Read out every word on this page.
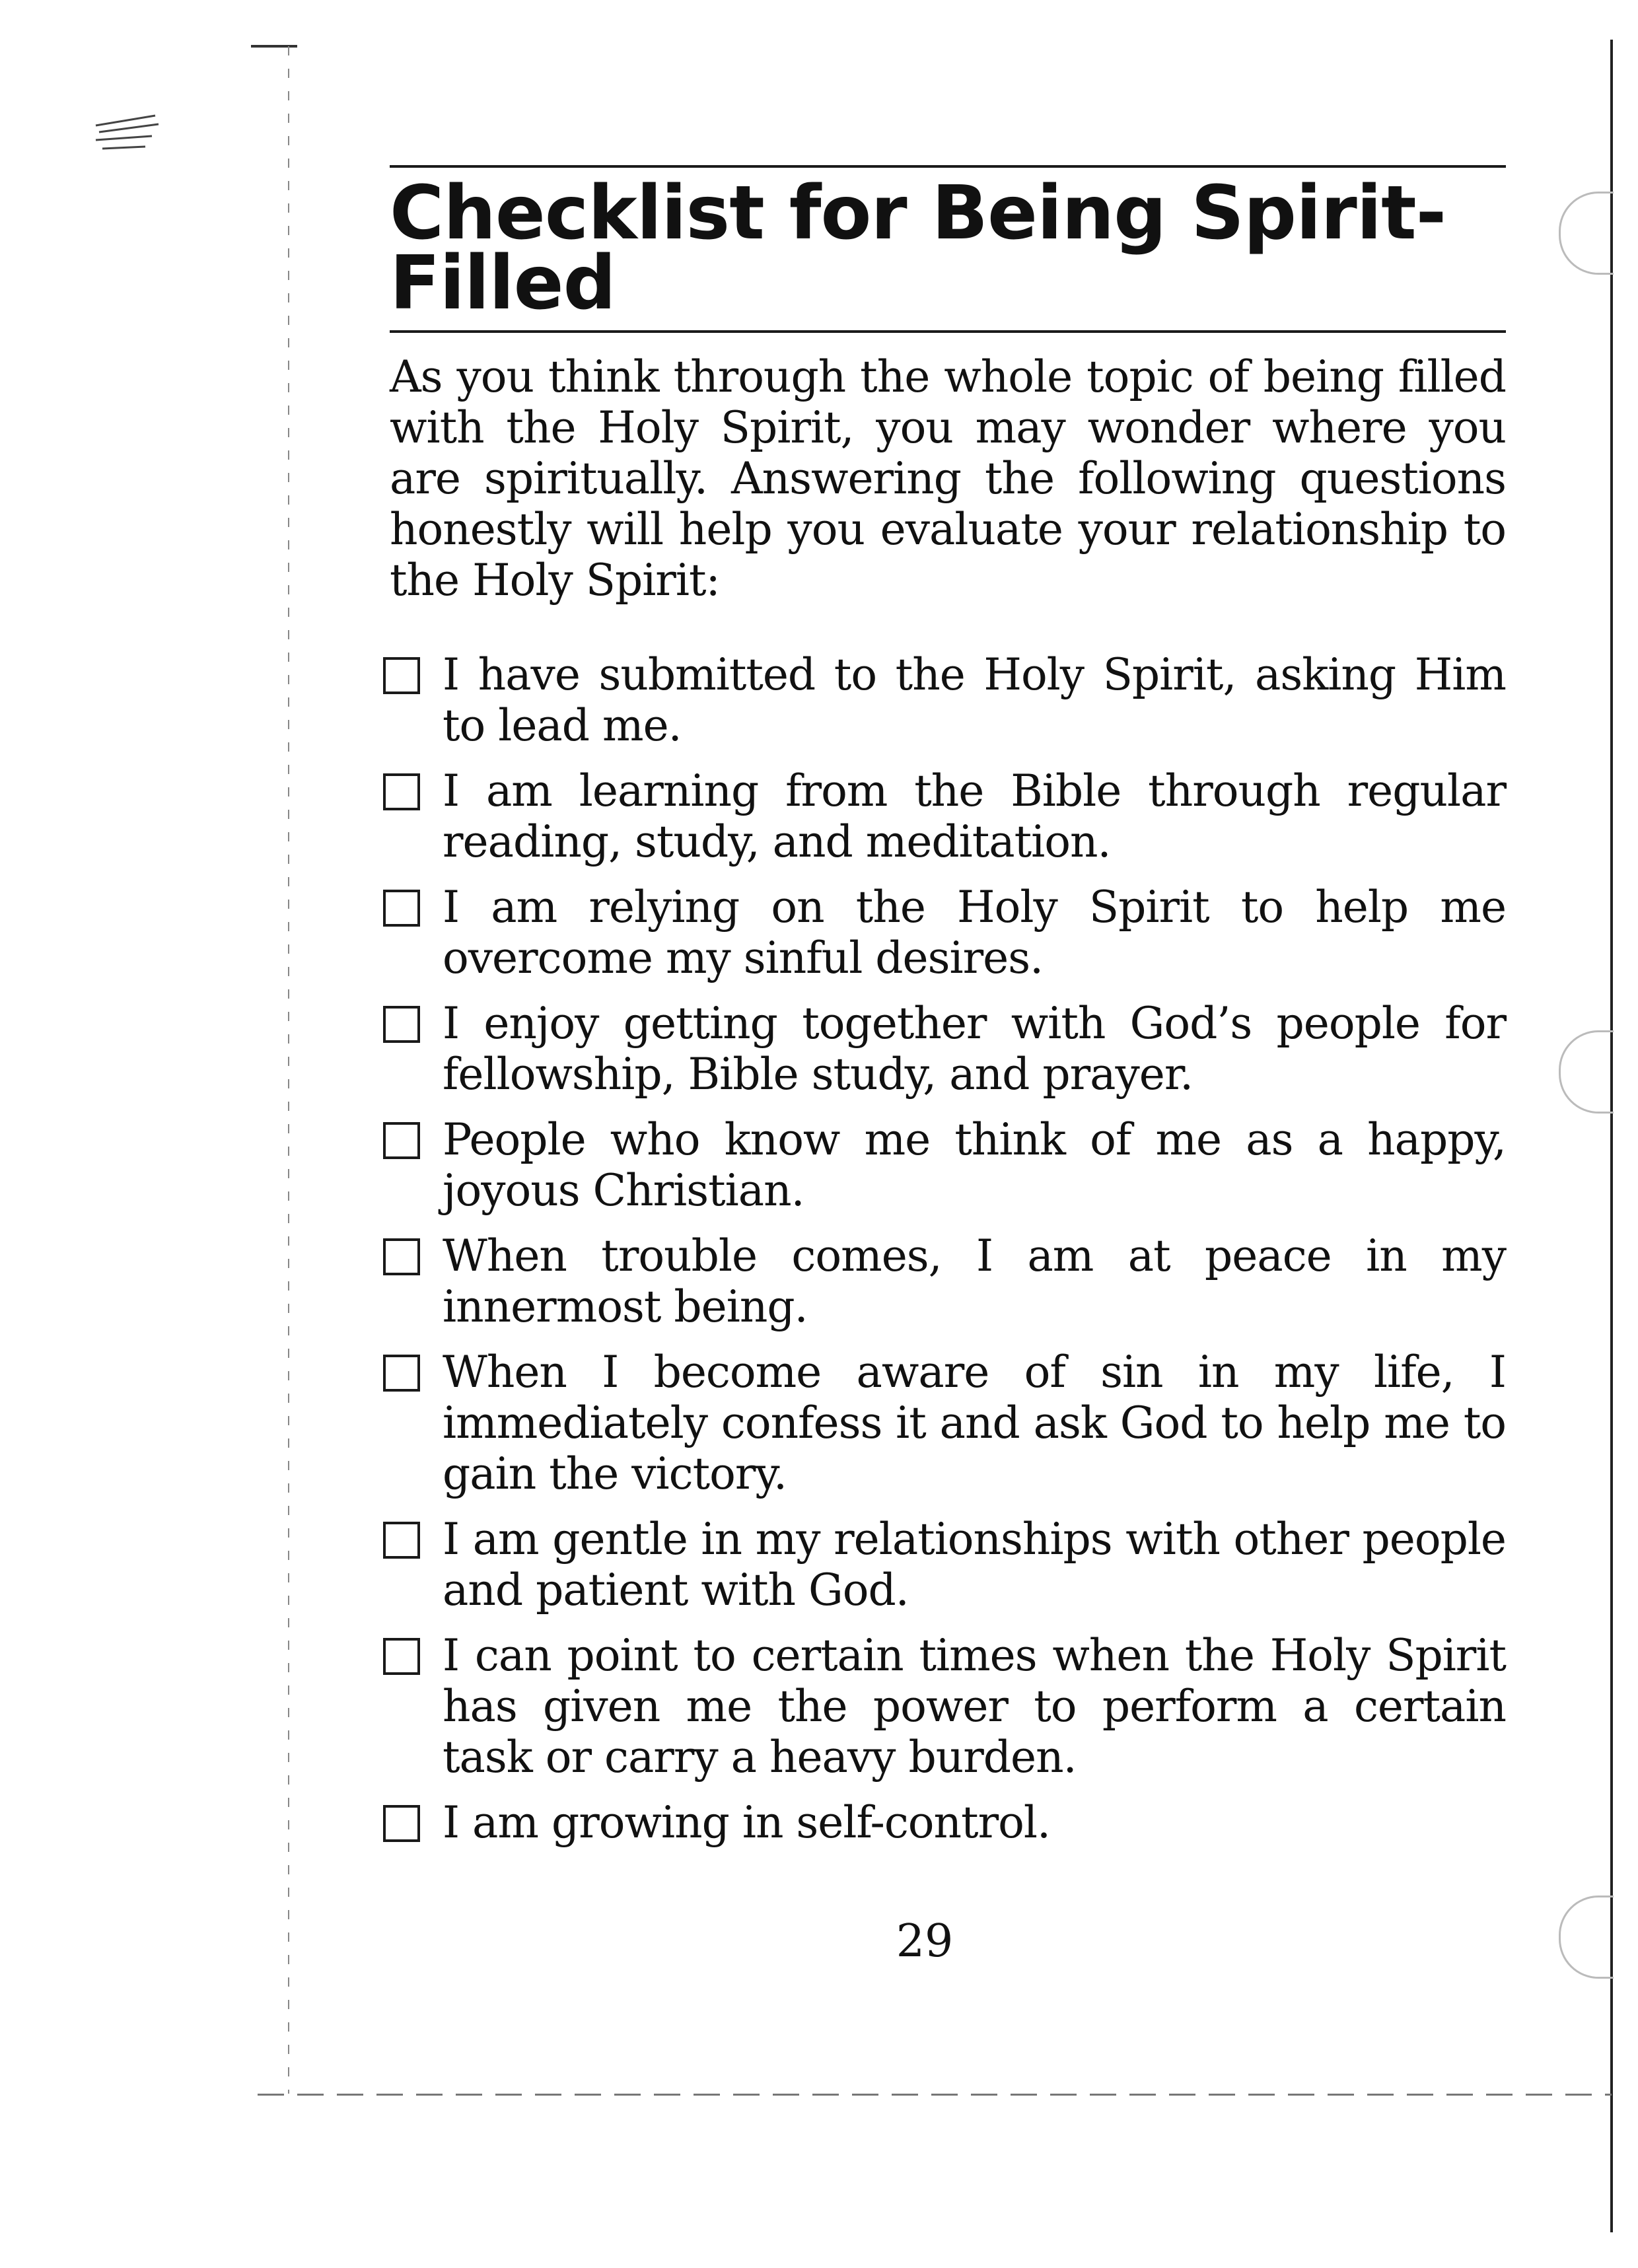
Checklist for Being Spirit-Filled

As you think through the whole topic of being filled with the Holy Spirit, you may wonder where you are spiritually. Answering the following questions honestly will help you evaluate your relationship to the Holy Spirit:

I have submitted to the Holy Spirit, asking Him to lead me.
I am learning from the Bible through regular reading, study, and meditation.
I am relying on the Holy Spirit to help me overcome my sinful desires.
I enjoy getting together with God’s people for fellowship, Bible study, and prayer.
People who know me think of me as a happy, joyous Christian.
When trouble comes, I am at peace in my innermost being.
When I become aware of sin in my life, I immediately confess it and ask God to help me to gain the victory.
I am gentle in my relationships with other people and patient with God.
I can point to certain times when the Holy Spirit has given me the power to perform a certain task or carry a heavy burden.
I am growing in self-control.
29
